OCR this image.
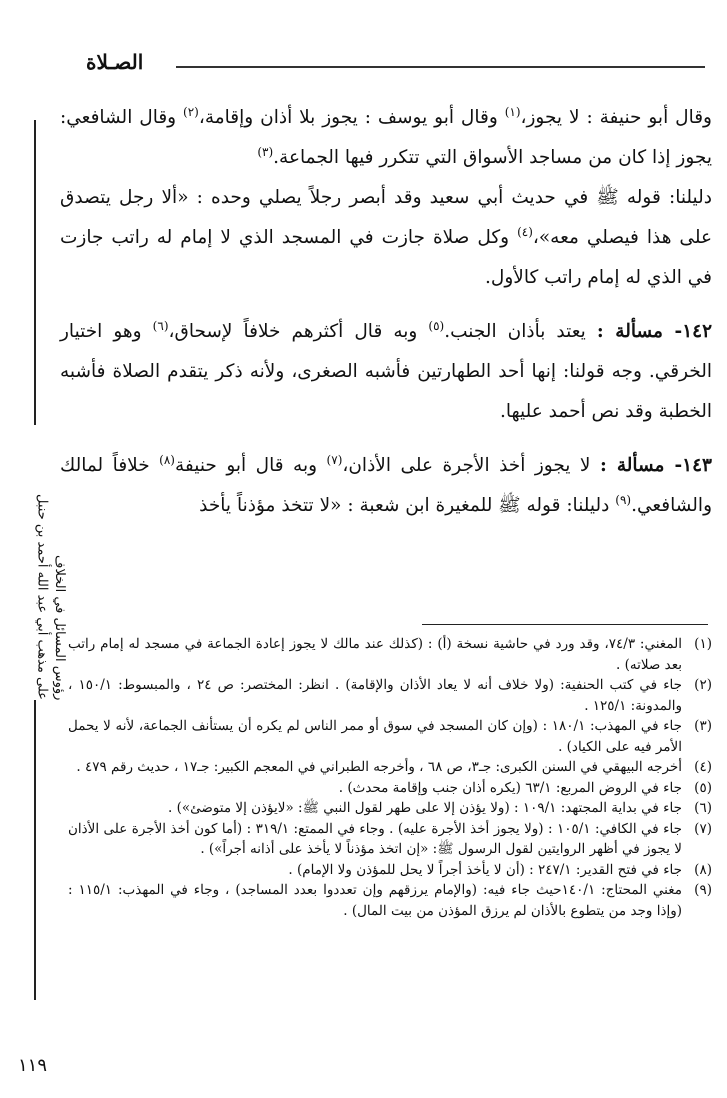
الصـلاة
رؤوس المسائل في الخلاف
على مذهب أبي عبد الله أحمد بن حنبل

وقال أبو حنيفة : لا يجوز،$^{(١)}$ وقال أبو يوسف : يجوز بلا أذان وإقامة،$^{(٢)}$ وقال الشافعي: يجوز إذا كان من مساجد الأسواق التي تتكرر فيها الجماعة.$^{(٣)}$

دليلنا: قوله ﷺ في حديث أبي سعيد وقد أبصر رجلاً يصلي وحده : «ألا رجل يتصدق على هذا فيصلي معه»،$^{(٤)}$ وكل صلاة جازت في المسجد الذي لا إمام له راتب جازت في الذي له إمام راتب كالأول.

١٤٢- مسألة : يعتد بأذان الجنب.$^{(٥)}$ وبه قال أكثرهم خلافاً لإسحاق،$^{(٦)}$ وهو اختيار الخرقي. وجه قولنا: إنها أحد الطهارتين فأشبه الصغرى، ولأنه ذكر يتقدم الصلاة فأشبه الخطبة وقد نص أحمد عليها.

١٤٣- مسألة : لا يجوز أخذ الأجرة على الأذان،$^{(٧)}$ وبه قال أبو حنيفة$^{(٨)}$ خلافاً لمالك والشافعي.$^{(٩)}$ دليلنا: قوله ﷺ للمغيرة ابن شعبة : «لا تتخذ مؤذناً يأخذ

(١)
المغني: ٧٤/٣، وقد ورد في حاشية نسخة (أ) : (كذلك عند مالك لا يجوز إعادة الجماعة في مسجد له إمام راتب بعد صلاته) .
(٢)
جاء في كتب الحنفية: (ولا خلاف أنه لا يعاد الأذان والإقامة) . انظر: المختصر: ص ٢٤ ، والمبسوط: ١٥٠/١ ، والمدونة: ١٢٥/١ .
(٣)
جاء في المهذب: ١٨٠/١ : (وإن كان المسجد في سوق أو ممر الناس لم يكره أن يستأنف الجماعة، لأنه لا يحمل الأمر فيه على الكياد) .
(٤)
أخرجه البيهقي في السنن الكبرى: جـ٣، ص ٦٨ ، وأخرجه الطبراني في المعجم الكبير: جـ١٧ ، حديث رقم ٤٧٩ .
(٥)
جاء في الروض المربع: ٦٣/١ (يكره أذان جنب وإقامة محدث) .
(٦)
جاء في بداية المجتهد: ١٠٩/١ : (ولا يؤذن إلا على طهر لقول النبي ﷺ: «لايؤذن إلا متوضئ») .
(٧)
جاء في الكافي: ١٠٥/١ : (ولا يجوز أخذ الأجرة عليه) . وجاء في الممتع: ٣١٩/١ : (أما كون أخذ الأجرة على الأذان لا يجوز في أظهر الروايتين لقول الرسول ﷺ: «إن اتخذ مؤذناً لا يأخذ على أذانه أجراً») .
(٨)
جاء في فتح القدير: ٢٤٧/١ : (أن لا يأخذ أجراً لا يحل للمؤذن ولا الإمام) .
(٩)
مغني المحتاج: ١٤٠/١حيث جاء فيه: (والإمام يرزقهم وإن تعددوا بعدد المساجد) ، وجاء في المهذب: ١١٥/١ : (وإذا وجد من يتطوع بالأذان لم يرزق المؤذن من بيت المال) .
١١٩
